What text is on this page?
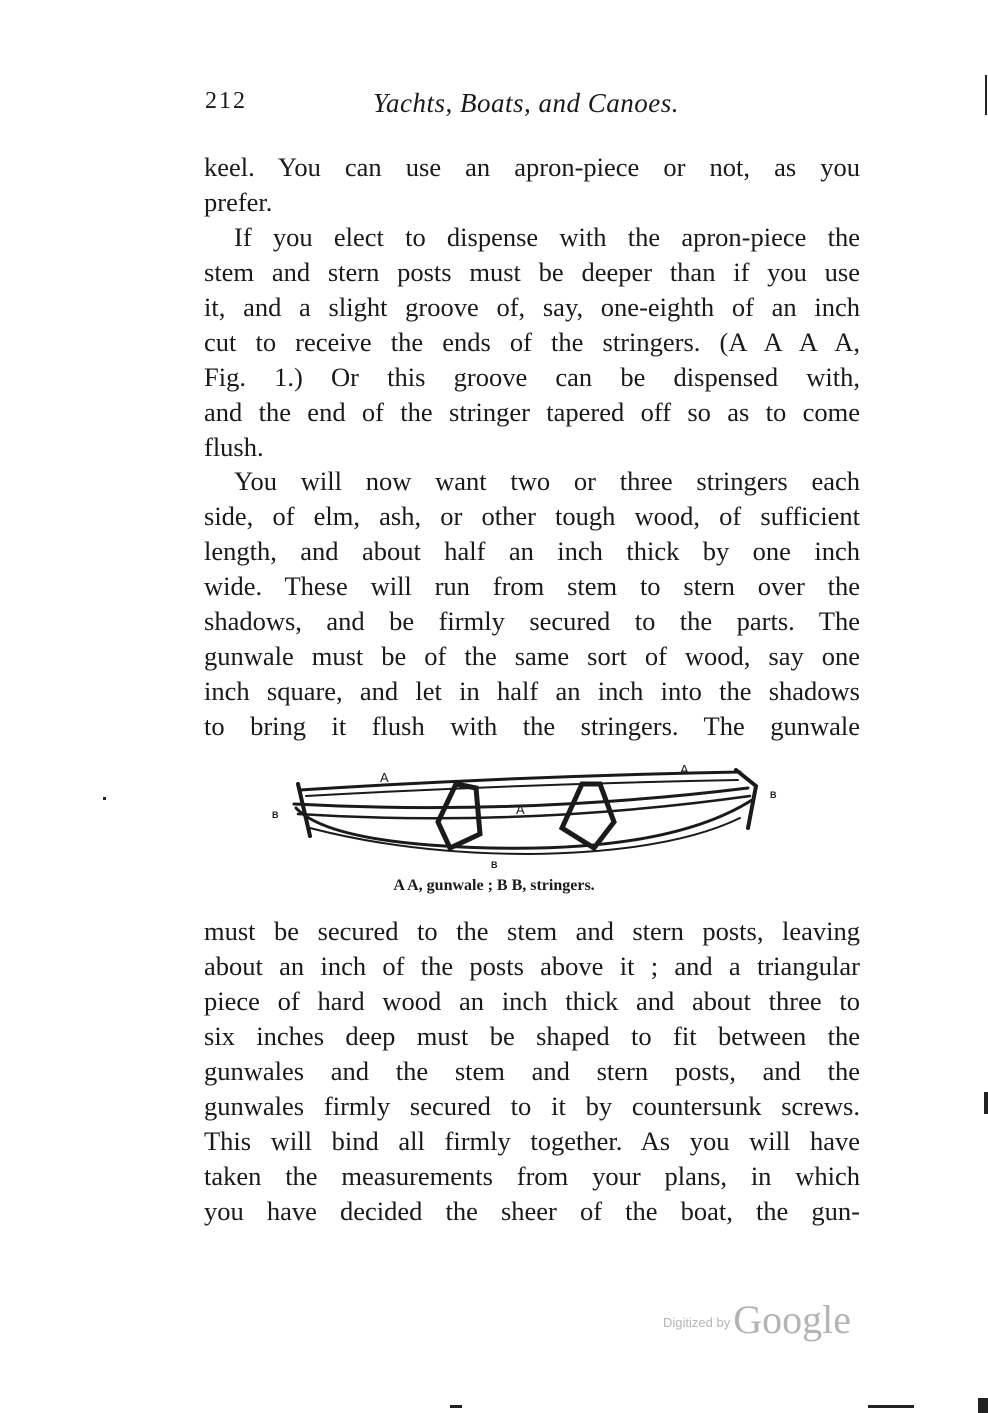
212	Yachts, Boats, and Canoes.
keel. You can use an apron-piece or not, as you
prefer.
If you elect to dispense with the apron-piece the
stem and stern posts must be deeper than if you use
it, and a slight groove of, say, one-eighth of an inch
cut to receive the ends of the stringers. (A A A A,
Fig. 1.) Or this groove can be dispensed with,
and the end of the stringer tapered off so as to come
flush.
You will now want two or three stringers each
side, of elm, ash, or other tough wood, of sufficient
length, and about half an inch thick by one inch
wide. These will run from stem to stern over the
shadows, and be firmly secured to the parts. The
gunwale must be of the same sort of wood, say one
inch square, and let in half an inch into the shadows
to bring it flush with the stringers. The gunwale
A
A
A
B
B
B
A A, gunwale ; B B, stringers.
must be secured to the stem and stern posts, leaving
about an inch of the posts above it ; and a triangular
piece of hard wood an inch thick and about three to
six inches deep must be shaped to fit between the
gunwales and the stem and stern posts, and the
gunwales firmly secured to it by countersunk screws.
This will bind all firmly together. As you will have
taken the measurements from your plans, in which
you have decided the sheer of the boat, the gun-
$^{Digitized by}$Google
